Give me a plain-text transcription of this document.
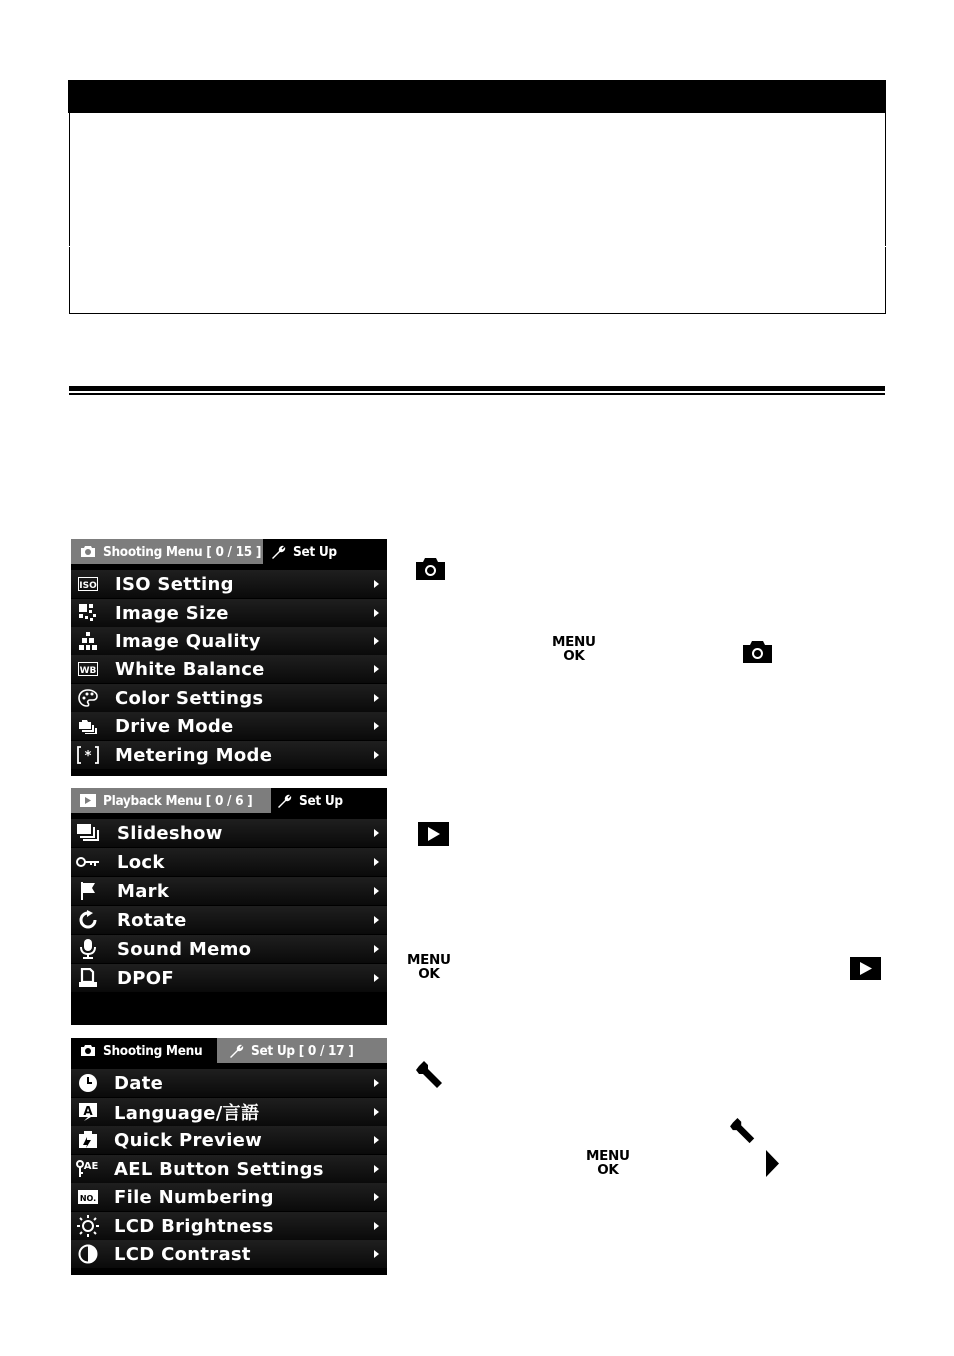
Shooting Menu [ 0 / 15 ] Set Up
ISO ISO Setting
Image Size
Image Quality
WB White Balance
Color Settings
Drive Mode
* Metering Mode
Playback Menu [ 0 / 6 ]	Set Up
Slideshow
Lock
Mark
Rotate
Sound Memo
DPOF
Shooting Menu	Set Up [ 0 / 17 ]
Date
A Language/言語
Quick Preview
AE AEL Button Settings
NO. File Numbering
LCD Brightness
LCD Contrast
MENU
OK
MENU
OK
MENU
OK
